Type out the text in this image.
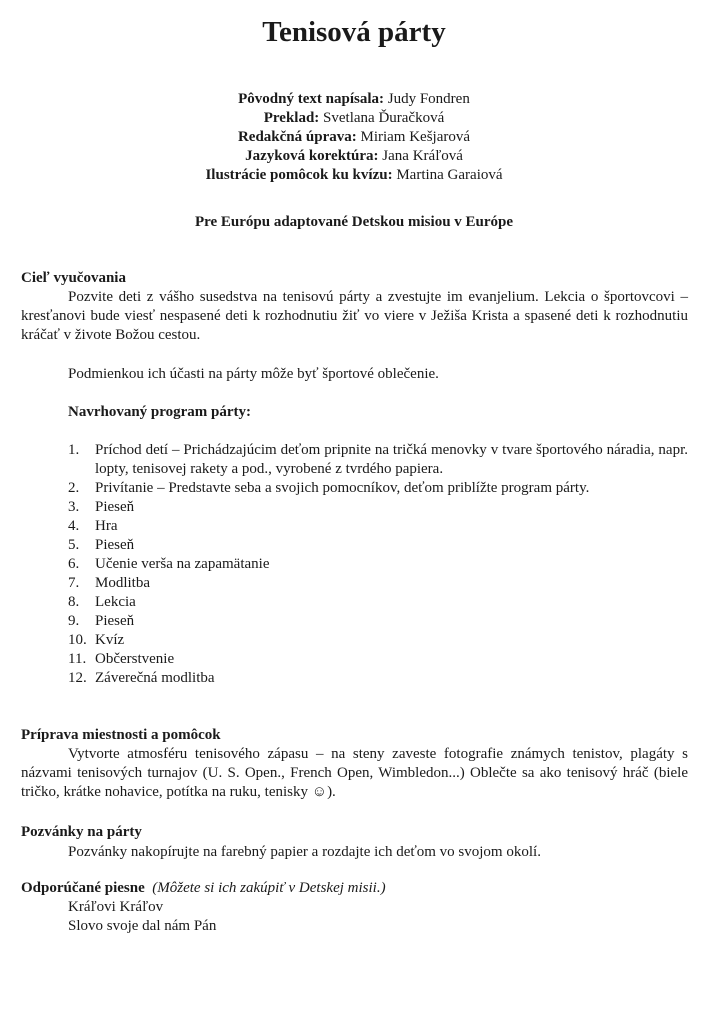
Tenisová párty
Pôvodný text napísala: Judy Fondren
Preklad: Svetlana Ďuračková
Redakčná úprava: Miriam Kešjarová
Jazyková korektúra: Jana Kráľová
Ilustrácie pomôcok ku kvízu: Martina Garaiová
Pre Európu adaptované Detskou misiou v Európe
Cieľ vyučovania
Pozvite deti z vášho susedstva na tenisovú párty a zvestujte im evanjelium. Lekcia o športovcovi – kresťanovi bude viesť nespasené deti k rozhodnutiu žiť vo viere v Ježiša Krista a spasené deti k rozhodnutiu kráčať v živote Božou cestou.
Podmienkou ich účasti na párty môže byť športové oblečenie.
Navrhovaný program párty:
1.	Príchod detí – Prichádzajúcim deťom pripnite na tričká menovky v tvare športového náradia, napr. lopty, tenisovej rakety a pod., vyrobené z tvrdého papiera.
2.	Privítanie – Predstavte seba a svojich pomocníkov, deťom priblížte program párty.
3.	Pieseň
4.	Hra
5.	Pieseň
6.	Učenie verša na zapamätanie
7.	Modlitba
8.	Lekcia
9.	Pieseň
10. Kvíz
11. Občerstvenie
12. Záverečná modlitba
Príprava miestnosti a pomôcok
Vytvorte atmosféru tenisového zápasu – na steny zaveste fotografie známych tenistov, plagáty s názvami tenisových turnajov (U. S. Open., French Open, Wimbledon...) Oblečte sa ako tenisový hráč (biele tričko, krátke nohavice, potítka na ruku, tenisky ☺).
Pozvánky na párty
Pozvánky nakopírujte na farebný papier a rozdajte ich deťom vo svojom okolí.
Odporúčané piesne (Môžete si ich zakúpiť v Detskej misii.)
Kráľovi Kráľov
Slovo svoje dal nám Pán
